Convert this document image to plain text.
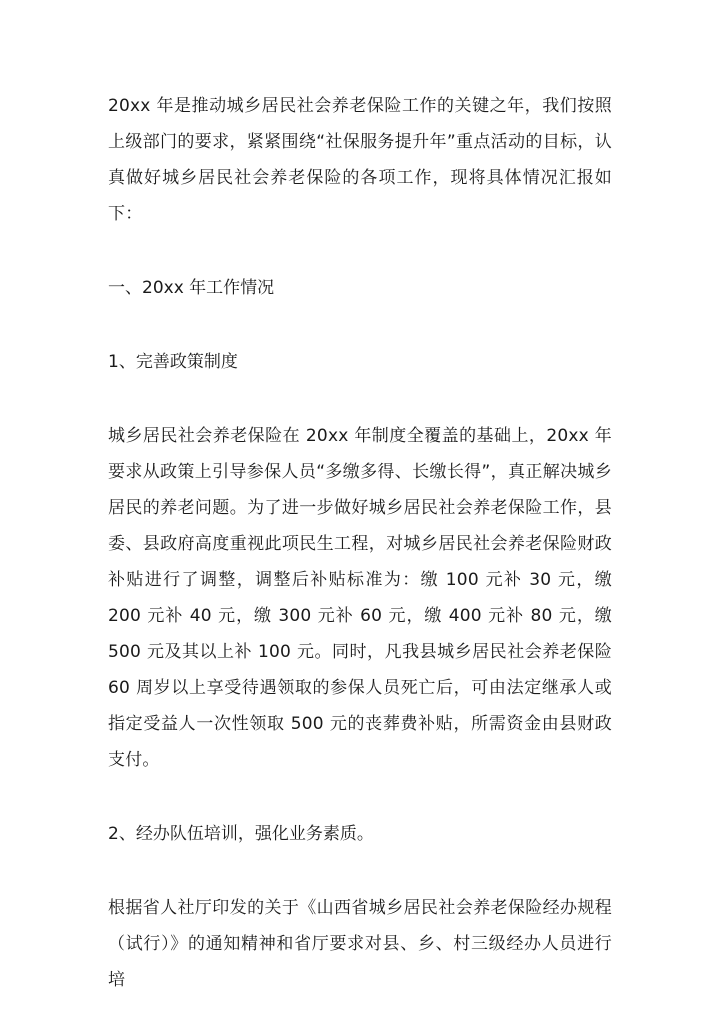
20xx 年是推动城乡居民社会养老保险工作的关键之年，我们按照上级部门的要求，紧紧围绕“社保服务提升年”重点活动的目标，认真做好城乡居民社会养老保险的各项工作，现将具体情况汇报如下：

一、20xx 年工作情况

1、完善政策制度

城乡居民社会养老保险在 20xx 年制度全覆盖的基础上，20xx 年要求从政策上引导参保人员“多缴多得、长缴长得”，真正解决城乡居民的养老问题。为了进一步做好城乡居民社会养老保险工作，县委、县政府高度重视此项民生工程，对城乡居民社会养老保险财政补贴进行了调整，调整后补贴标准为：缴 100 元补 30 元，缴 200 元补 40 元，缴 300 元补 60 元，缴 400 元补 80 元，缴 500 元及其以上补 100 元。同时，凡我县城乡居民社会养老保险 60 周岁以上享受待遇领取的参保人员死亡后，可由法定继承人或指定受益人一次性领取 500 元的丧葬费补贴，所需资金由县财政支付。

2、经办队伍培训，强化业务素质。

根据省人社厅印发的关于《山西省城乡居民社会养老保险经办规程（试行）》的通知精神和省厅要求对县、乡、村三级经办人员进行培
